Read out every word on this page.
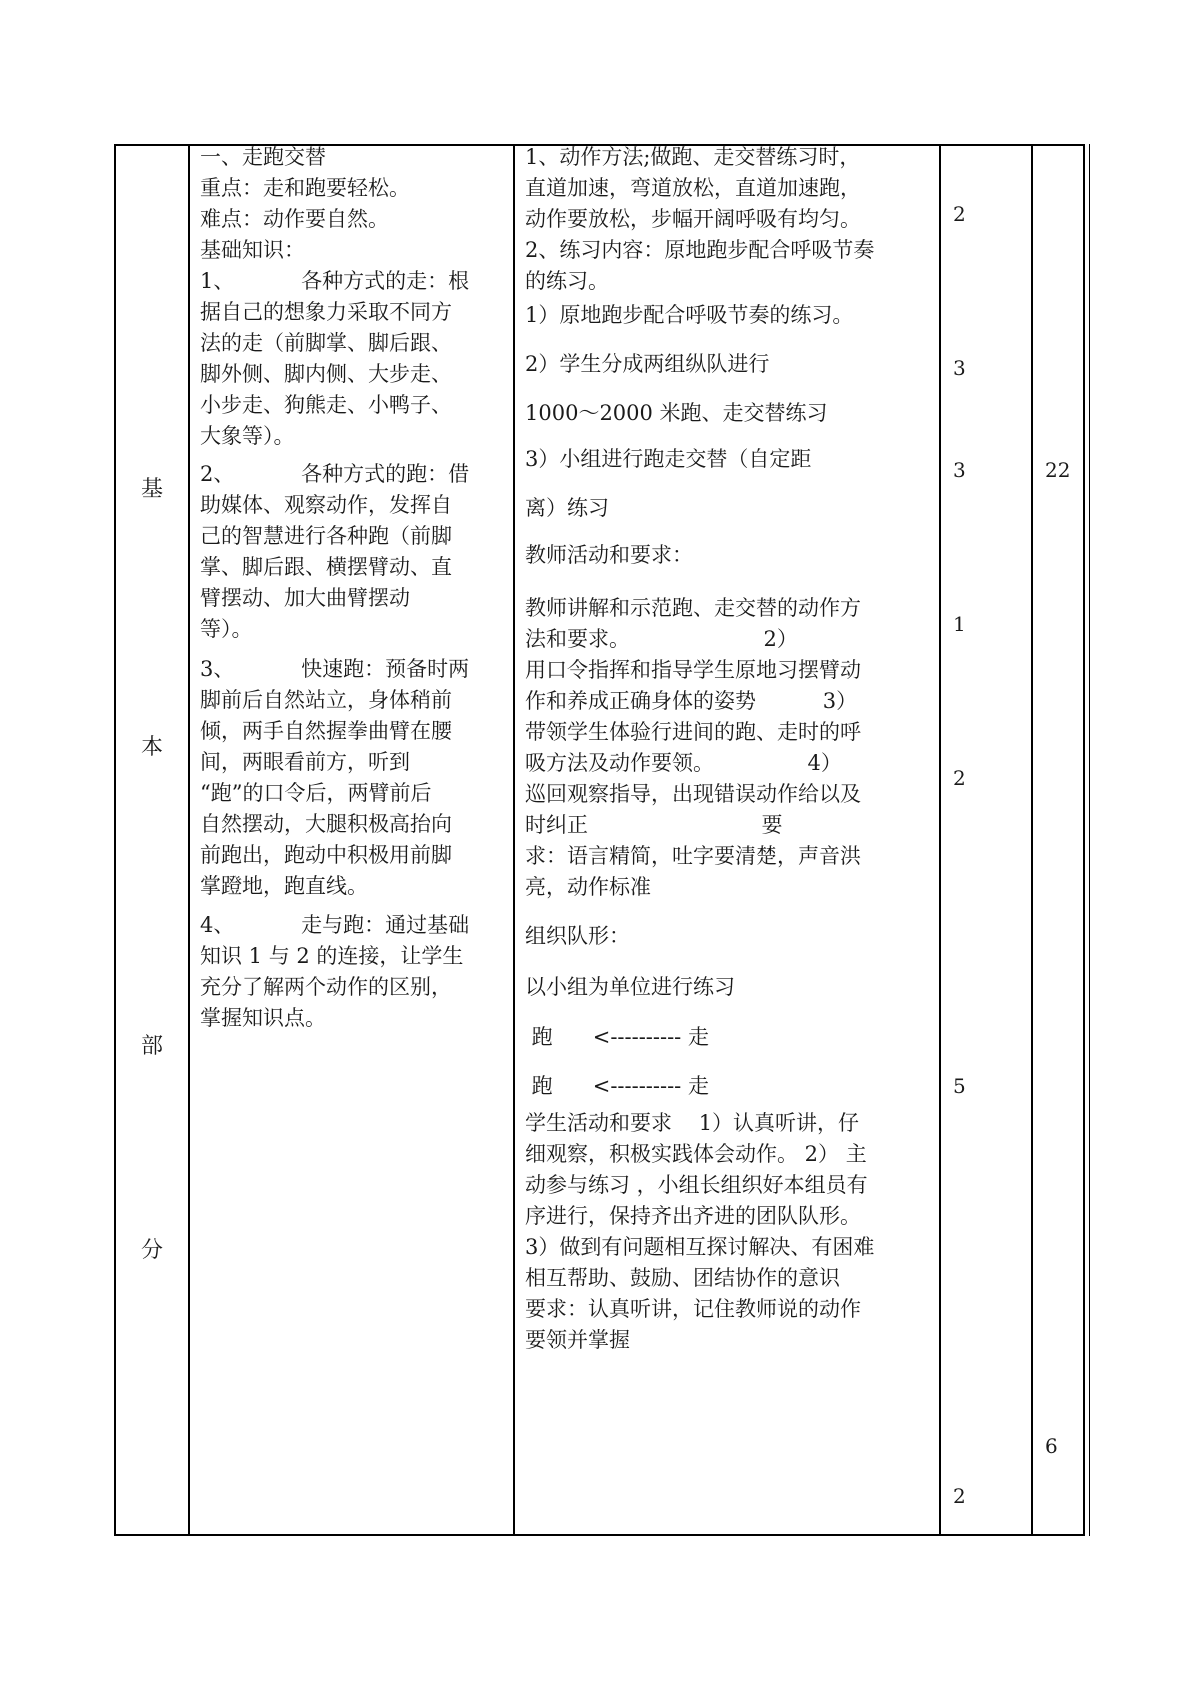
基
本
部
分
一、走跑交替
重点：走和跑要轻松。
难点：动作要自然。
基础知识：
1、          各种方式的走：根
据自己的想象力采取不同方
法的走（前脚掌、脚后跟、
脚外侧、脚内侧、大步走、
小步走、狗熊走、小鸭子、
大象等）。
2、          各种方式的跑：借
助媒体、观察动作，发挥自
己的智慧进行各种跑（前脚
掌、脚后跟、横摆臂动、直
臂摆动、加大曲臂摆动
等）。
3、          快速跑：预备时两
脚前后自然站立，身体稍前
倾，两手自然握拳曲臂在腰
间，两眼看前方，听到
“跑”的口令后，两臂前后
自然摆动，大腿积极高抬向
前跑出，跑动中积极用前脚
掌蹬地，跑直线。
4、          走与跑：通过基础
知识 1 与 2 的连接，让学生
充分了解两个动作的区别，
掌握知识点。
1、动作方法;做跑、走交替练习时，
直道加速，弯道放松，直道加速跑，
动作要放松，步幅开阔呼吸有均匀。
2、练习内容：原地跑步配合呼吸节奏
的练习。
1）原地跑步配合呼吸节奏的练习。
2）学生分成两组纵队进行
1000～2000 米跑、走交替练习
3）小组进行跑走交替（自定距
离）练习
教师活动和要求：
教师讲解和示范跑、走交替的动作方
法和要求。                    2）
用口令指挥和指导学生原地习摆臂动
作和养成正确身体的姿势          3）
带领学生体验行进间的跑、走时的呼
吸方法及动作要领。              4）
巡回观察指导，出现错误动作给以及
时纠正                          要
求：语言精简，吐字要清楚，声音洪
亮，动作标准
组织队形：
以小组为单位进行练习
跑      <---------- 走
跑      <---------- 走
学生活动和要求    1）认真听讲，仔
细观察，积极实践体会动作。 2） 主
动参与练习 ，小组长组织好本组员有
序进行，保持齐出齐进的团队队形。
3）做到有问题相互探讨解决、有困难
相互帮助、鼓励、团结协作的意识
要求：认真听讲，记住教师说的动作
要领并掌握
2
3
3
1
2
5
2
22
6
